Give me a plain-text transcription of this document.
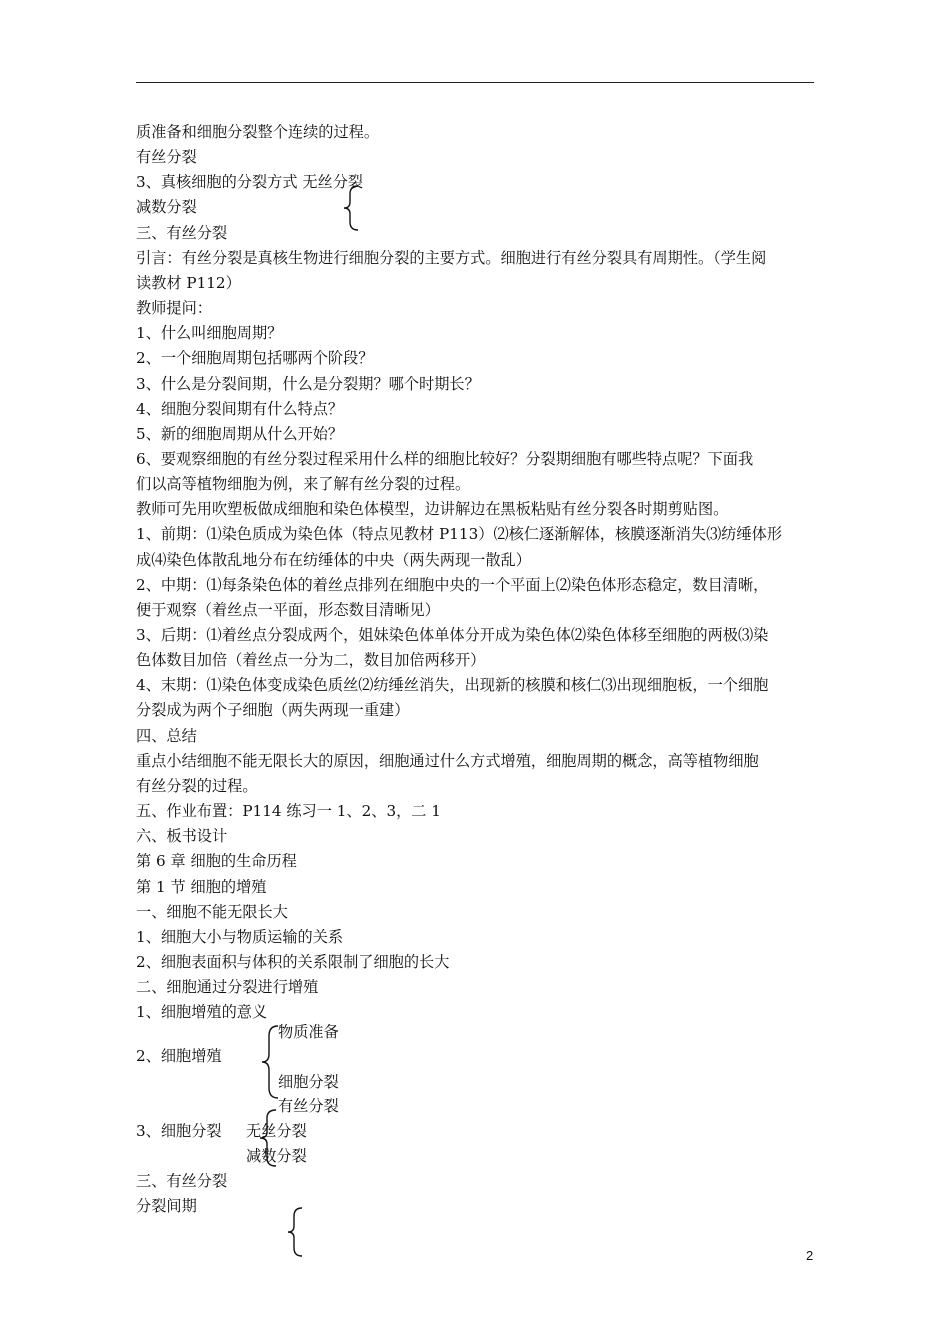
质准备和细胞分裂整个连续的过程。
有丝分裂
3、真核细胞的分裂方式 无丝分裂
减数分裂
三、有丝分裂
引言：有丝分裂是真核生物进行细胞分裂的主要方式。细胞进行有丝分裂具有周期性。（学生阅
读教材 P112）
教师提问：
1、什么叫细胞周期？
2、一个细胞周期包括哪两个阶段？
3、什么是分裂间期，什么是分裂期？哪个时期长？
4、细胞分裂间期有什么特点？
5、新的细胞周期从什么开始？
6、要观察细胞的有丝分裂过程采用什么样的细胞比较好？分裂期细胞有哪些特点呢？下面我
们以高等植物细胞为例，来了解有丝分裂的过程。
教师可先用吹塑板做成细胞和染色体模型，边讲解边在黑板粘贴有丝分裂各时期剪贴图。
1、前期：⑴染色质成为染色体（特点见教材 P113）⑵核仁逐渐解体，核膜逐渐消失⑶纺缍体形
成⑷染色体散乱地分布在纺缍体的中央（两失两现一散乱）
2、中期：⑴每条染色体的着丝点排列在细胞中央的一个平面上⑵染色体形态稳定，数目清晰，
便于观察（着丝点一平面，形态数目清晰见）
3、后期：⑴着丝点分裂成两个，姐妹染色体单体分开成为染色体⑵染色体移至细胞的两极⑶染
色体数目加倍（着丝点一分为二，数目加倍两移开）
4、末期：⑴染色体变成染色质丝⑵纺缍丝消失，出现新的核膜和核仁⑶出现细胞板，一个细胞
分裂成为两个子细胞（两失两现一重建）
四、总结
重点小结细胞不能无限长大的原因，细胞通过什么方式增殖，细胞周期的概念，高等植物细胞
有丝分裂的过程。
五、作业布置：P114 练习一 1、2、3，二 1
六、板书设计
第 6 章 细胞的生命历程
第 1 节 细胞的增殖
一、细胞不能无限长大
1、细胞大小与物质运输的关系
2、细胞表面积与体积的关系限制了细胞的长大
二、细胞通过分裂进行增殖
1、细胞增殖的意义
2、细胞增殖
物质准备
细胞分裂
有丝分裂
3、细胞分裂 无丝分裂
减数分裂
三、有丝分裂
分裂间期
2
